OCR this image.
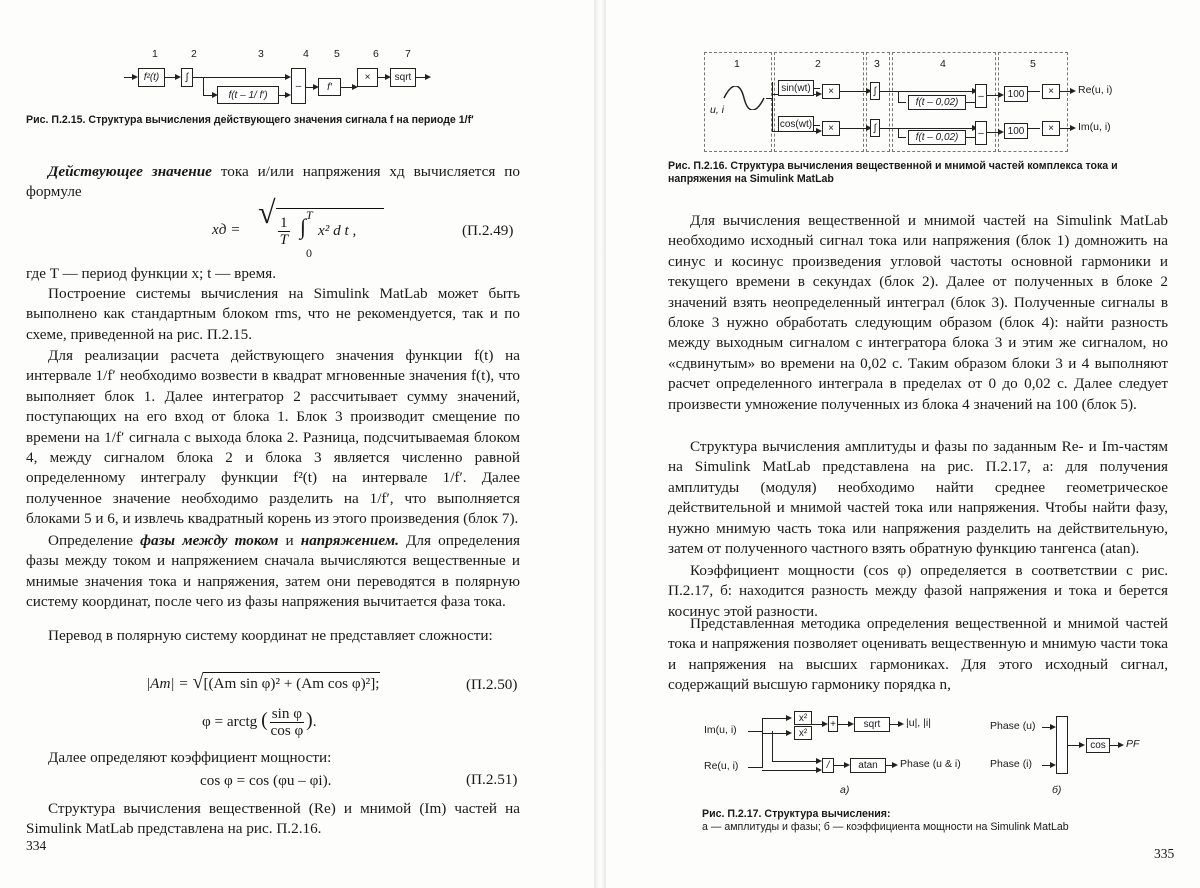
1	2	3	4 5	6 7
f²(t)	∫
f(t – 1/ f′)
–	f′
×	sqrt
Рис. П.2.15. Структура вычисления действующего значения сигнала f на периоде 1/f′
Действующее значение тока и/или напряжения xд вычисляется по формуле
xд = √
$\frac{1}{T}$ T
∫
0
x² d t ,	(П.2.49)
где T — период функции x; t — время.
Построение системы вычисления на Simulink MatLab может быть выполнено как стандартным блоком rms, что не рекомендуется, так и по схеме, приведенной на рис. П.2.15.
Для реализации расчета действующего значения функции f(t) на интервале 1/f′ необходимо возвести в квадрат мгновенные значения f(t), что выполняет блок 1. Далее интегратор 2 рассчитывает сумму значений, поступающих на его вход от блока 1. Блок 3 производит смещение по времени на 1/f′ сигнала с выхода блока 2. Разница, подсчитываемая блоком 4, между сигналом блока 2 и блока 3 является численно равной определенному интегралу функции f²(t) на интервале 1/f′. Далее полученное значение необходимо разделить на 1/f′, что выполняется блоками 5 и 6, и извлечь квадратный корень из этого произведения (блок 7).
Определение фазы между током и напряжением. Для определения фазы между током и напряжением сначала вычисляются вещественные и мнимые значения тока и напряжения, затем они переводятся в полярную систему координат, после чего из фазы напряжения вычитается фаза тока.
Перевод в полярную систему координат не представляет сложности:
|Am| = √[(Am sin φ)² + (Am cos φ)²];	(П.2.50)
φ = arctg ( $\frac{\text{sin φ}}{\text{cos φ}}$ ).
Далее определяют коэффициент мощности:
cos φ = cos (φu – φi).	(П.2.51)
Структура вычисления вещественной (Re) и мнимой (Im) частей на Simulink MatLab представлена на рис. П.2.16.
334
1	2	3	4	5
u, i
sin(wt)	×	∫
f(t – 0,02)
–	100	×
cos(wt)	×	∫
f(t – 0,02)	–	100	×
Re(u, i)
Im(u, i)
Рис. П.2.16. Структура вычисления вещественной и мнимой частей комплекса тока и напряжения на Simulink MatLab
Для вычисления вещественной и мнимой частей на Simulink MatLab необходимо исходный сигнал тока или напряжения (блок 1) домножить на синус и косинус произведения угловой частоты основной гармоники и текущего времени в секундах (блок 2). Далее от полученных в блоке 2 значений взять неопределенный интеграл (блок 3). Полученные сигналы в блоке 3 нужно обработать следующим образом (блок 4): найти разность между выходным сигналом с интегратора блока 3 и этим же сигналом, но «сдвинутым» во времени на 0,02 с. Таким образом блоки 3 и 4 выполняют расчет определенного интеграла в пределах от 0 до 0,02 с. Далее следует произвести умножение полученных из блока 4 значений на 100 (блок 5).
Структура вычисления амплитуды и фазы по заданным Re- и Im-частям на Simulink MatLab представлена на рис. П.2.17, а: для получения амплитуды (модуля) необходимо найти среднее геометрическое действительной и мнимой частей тока или напряжения. Чтобы найти фазу, нужно мнимую часть тока или напряжения разделить на действительную, затем от полученного частного взять обратную функцию тангенса (atan).
Коэффициент мощности (cos φ) определяется в соответствии с рис. П.2.17, б: находится разность между фазой напряжения и тока и берется косинус этой разности.
Представленная методика определения вещественной и мнимой частей тока и напряжения позволяет оценивать вещественную и мнимую части тока и напряжения на высших гармониках. Для этого исходный сигнал, содержащий высшую гармонику порядка n,
Im(u, i)
Re(u, i)
x²
x²
+	sqrt
/	atan
|u|, |i|
Phase (u & i)
а)
Phase (u)
Phase (i)
cos	PF
б)
Рис. П.2.17. Структура вычисления:
а — амплитуды и фазы; б — коэффициента мощности на Simulink MatLab
335
